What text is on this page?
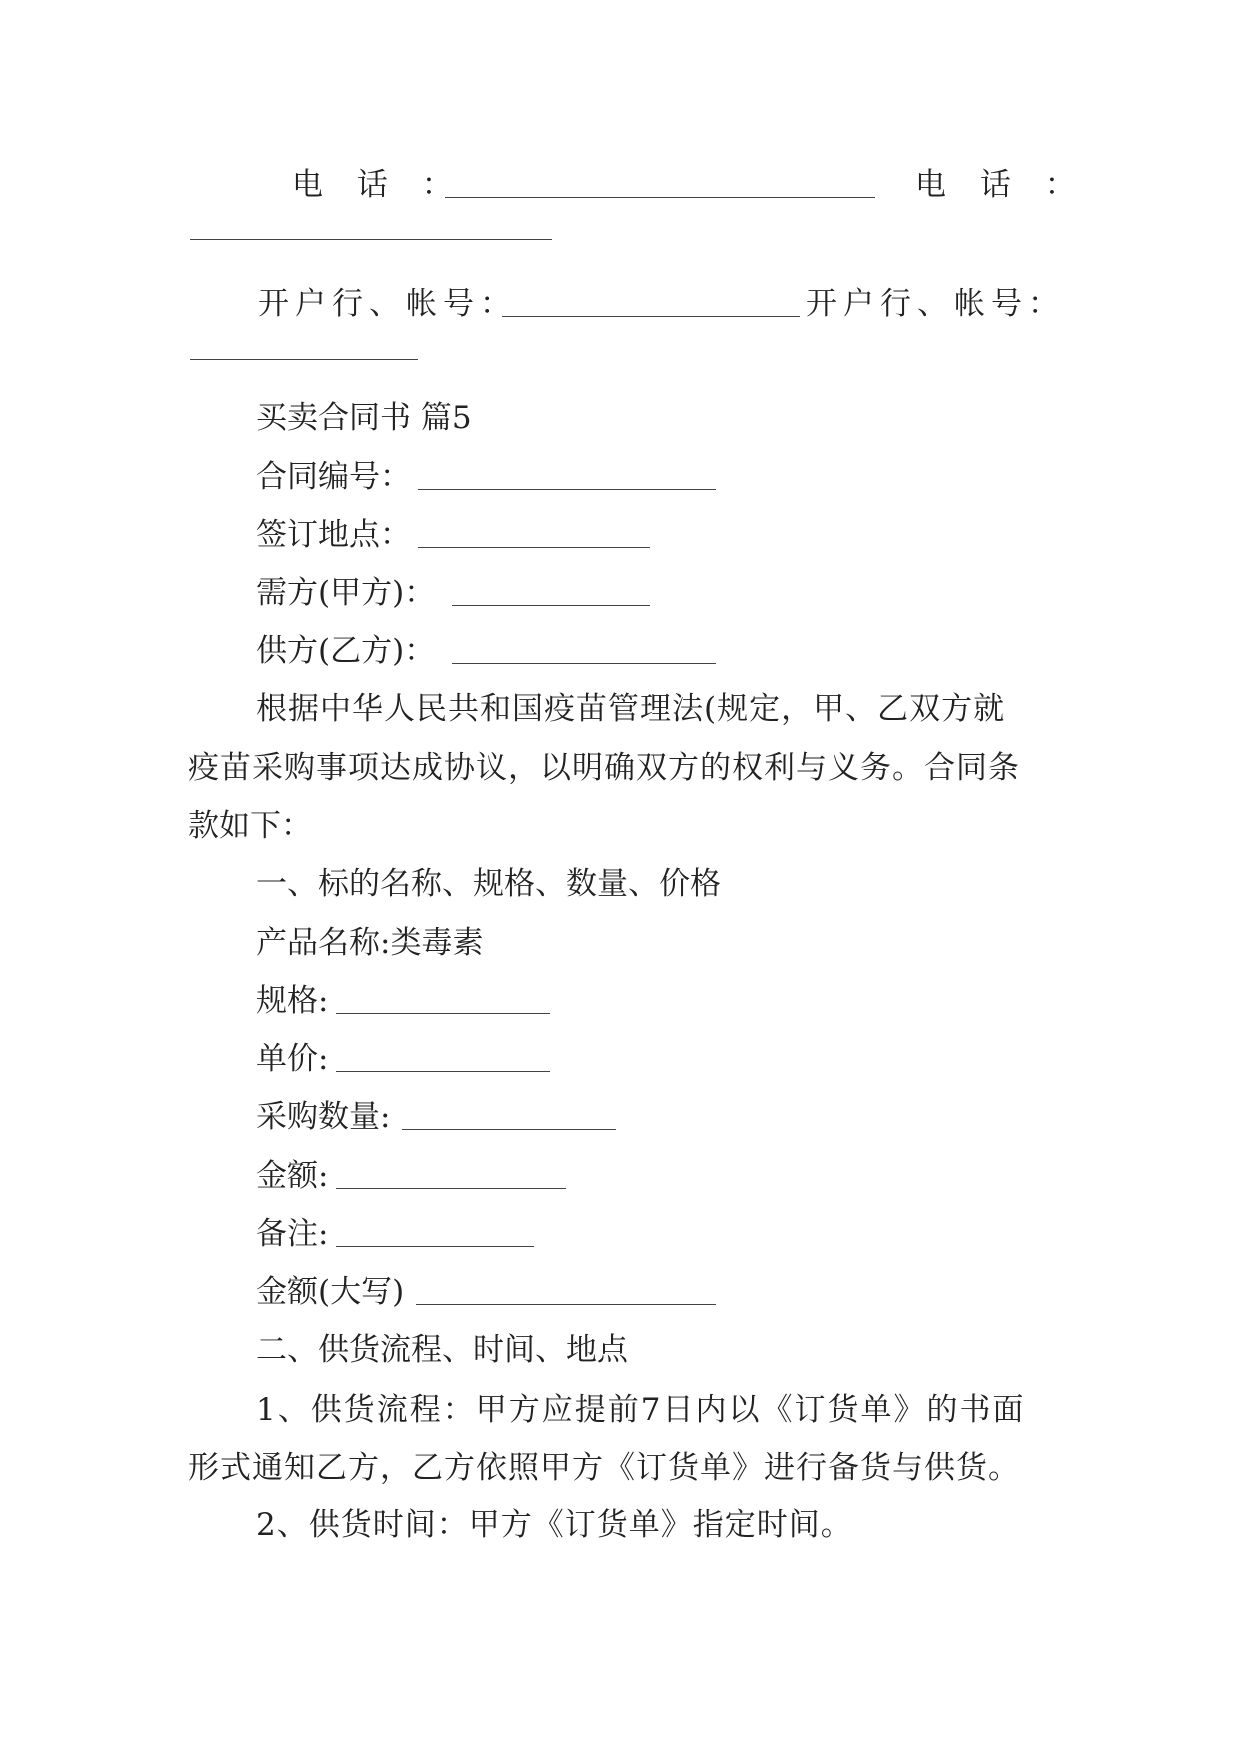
电 话 ：	电 话 ：
开户行、帐号：	开户行、帐号：
买卖合同书 篇5
合同编号：
签订地点：
需方(甲方)：
供方(乙方)：
根据中华人民共和国疫苗管理法(规定，甲、乙双方就
疫苗采购事项达成协议，以明确双方的权利与义务。合同条
款如下：
一、标的名称、规格、数量、价格
产品名称:类毒素
规格:
单价:
采购数量:
金额:
备注:
金额(大写)
二、供货流程、时间、地点
1、供货流程：甲方应提前7日内以《订货单》的书面
形式通知乙方，乙方依照甲方《订货单》进行备货与供货。
2、供货时间：甲方《订货单》指定时间。
